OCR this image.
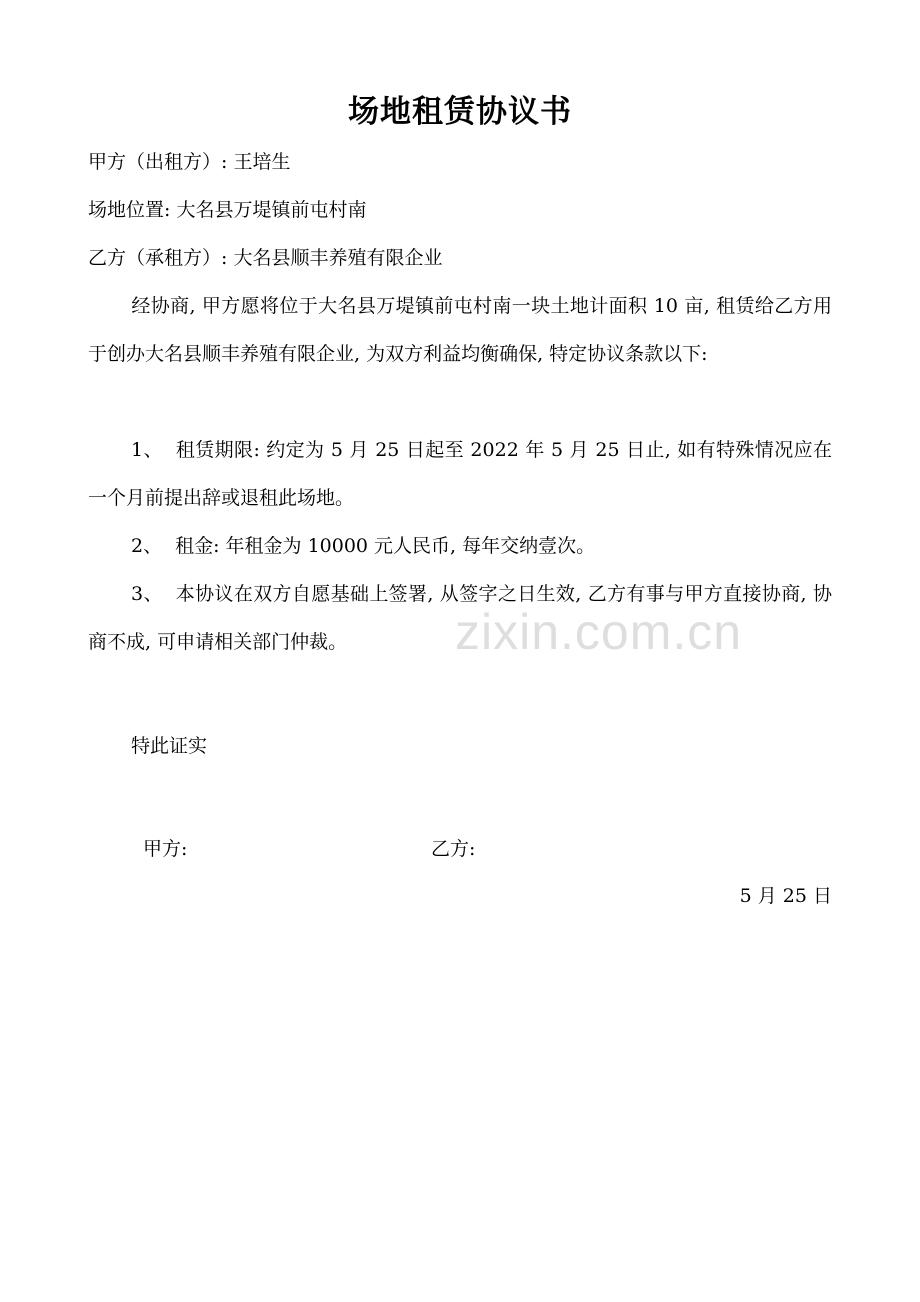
场地租赁协议书
甲方（出租方）: 王培生
场地位置: 大名县万堤镇前屯村南
乙方（承租方）: 大名县顺丰养殖有限企业
经协商, 甲方愿将位于大名县万堤镇前屯村南一块土地计面积 10 亩, 租赁给乙方用于创办大名县顺丰养殖有限企业, 为双方利益均衡确保, 特定协议条款以下:
1、 租赁期限: 约定为 5 月 25 日起至 2022 年 5 月 25 日止, 如有特殊情况应在一个月前提出辞或退租此场地。
2、 租金: 年租金为 10000 元人民币, 每年交纳壹次。
3、 本协议在双方自愿基础上签署, 从签字之日生效, 乙方有事与甲方直接协商, 协商不成, 可申请相关部门仲裁。
特此证实
甲方:	乙方:
5 月 25 日
zixin.com.cn
